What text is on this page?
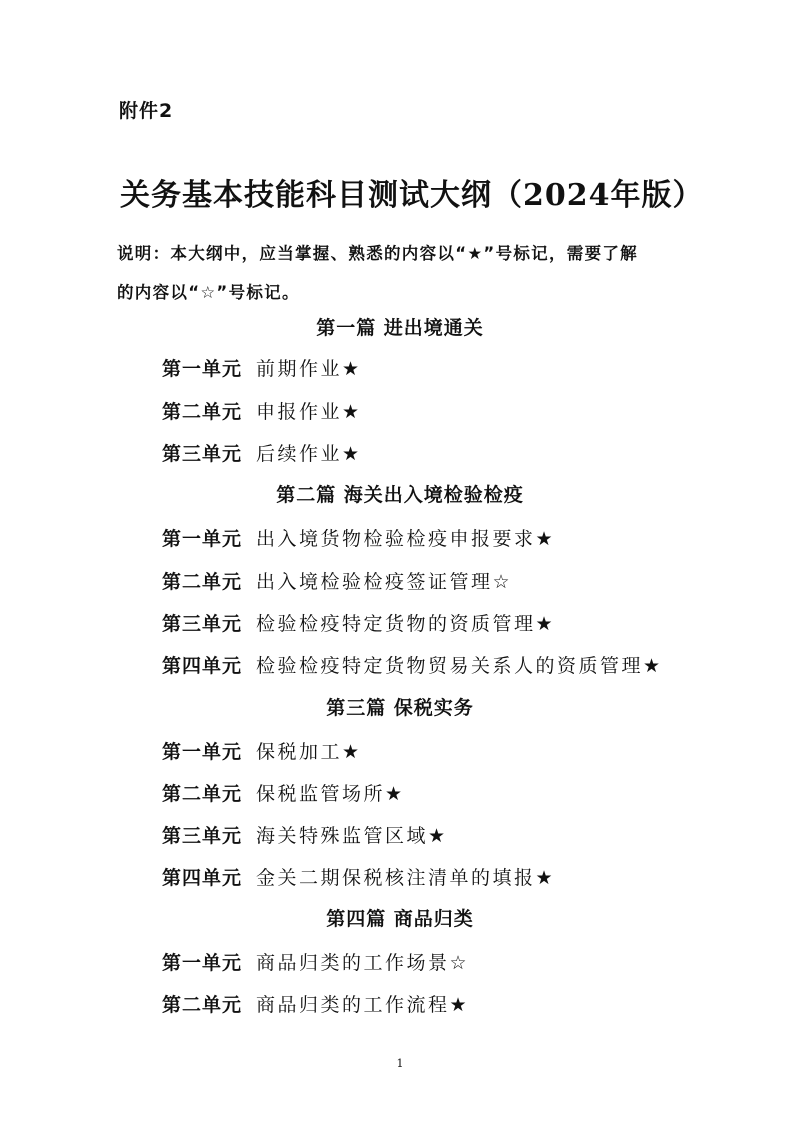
附件2
关务基本技能科目测试大纲（2024年版）
说明：本大纲中，应当掌握、熟悉的内容以“★”号标记，需要了解
的内容以“☆”号标记。
第一篇 进出境通关
第一单元 前期作业★
第二单元 申报作业★
第三单元 后续作业★
第二篇 海关出入境检验检疫
第一单元 出入境货物检验检疫申报要求★
第二单元 出入境检验检疫签证管理☆
第三单元 检验检疫特定货物的资质管理★
第四单元 检验检疫特定货物贸易关系人的资质管理★
第三篇 保税实务
第一单元 保税加工★
第二单元 保税监管场所★
第三单元 海关特殊监管区域★
第四单元 金关二期保税核注清单的填报★
第四篇 商品归类
第一单元 商品归类的工作场景☆
第二单元 商品归类的工作流程★
1
